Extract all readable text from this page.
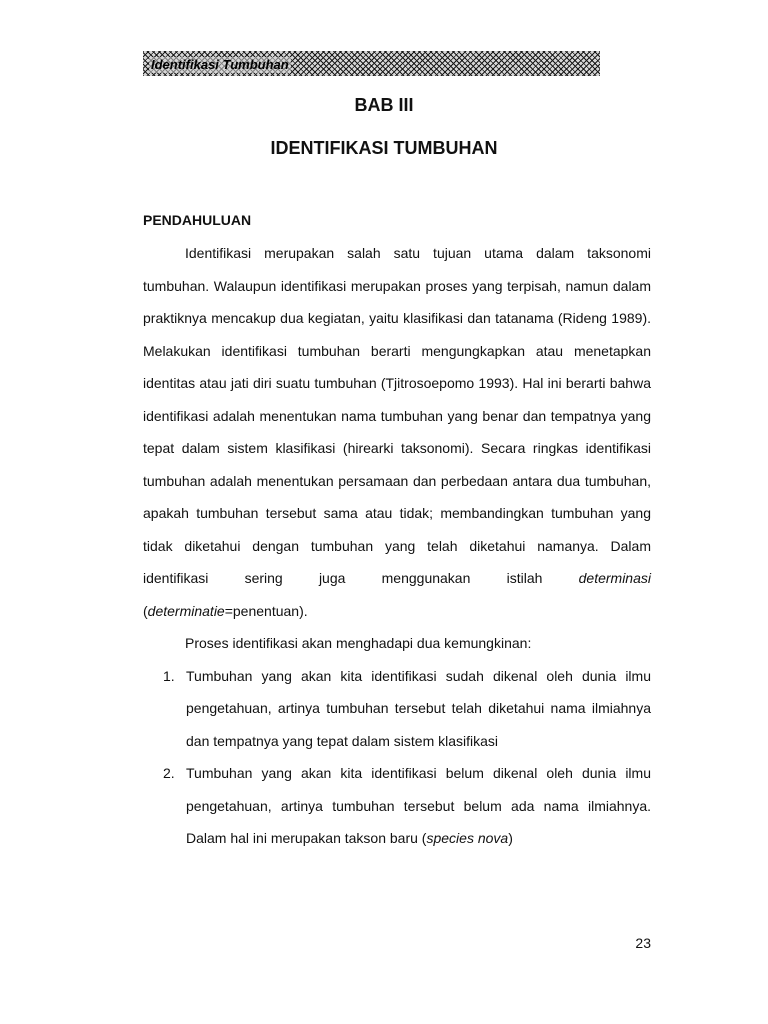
Identifikasi Tumbuhan
BAB III
IDENTIFIKASI TUMBUHAN
PENDAHULUAN

Identifikasi merupakan salah satu tujuan utama dalam taksonomi tumbuhan. Walaupun identifikasi merupakan proses yang terpisah, namun dalam praktiknya mencakup dua kegiatan, yaitu klasifikasi dan tatanama (Rideng 1989). Melakukan identifikasi tumbuhan berarti mengungkapkan atau menetapkan identitas atau jati diri suatu tumbuhan (Tjitrosoepomo 1993). Hal ini berarti bahwa identifikasi adalah menentukan nama tumbuhan yang benar dan tempatnya yang tepat dalam sistem klasifikasi (hirearki taksonomi). Secara ringkas identifikasi tumbuhan adalah menentukan persamaan dan perbedaan antara dua tumbuhan, apakah tumbuhan tersebut sama atau tidak; membandingkan tumbuhan yang tidak diketahui dengan tumbuhan yang telah diketahui namanya. Dalam identifikasi sering juga menggunakan istilah determinasi (determinatie=penentuan).

Proses identifikasi akan menghadapi dua kemungkinan:

1. Tumbuhan yang akan kita identifikasi sudah dikenal oleh dunia ilmu pengetahuan, artinya tumbuhan tersebut telah diketahui nama ilmiahnya dan tempatnya yang tepat dalam sistem klasifikasi
2. Tumbuhan yang akan kita identifikasi belum dikenal oleh dunia ilmu pengetahuan, artinya tumbuhan tersebut belum ada nama ilmiahnya. Dalam hal ini merupakan takson baru (species nova)
23
